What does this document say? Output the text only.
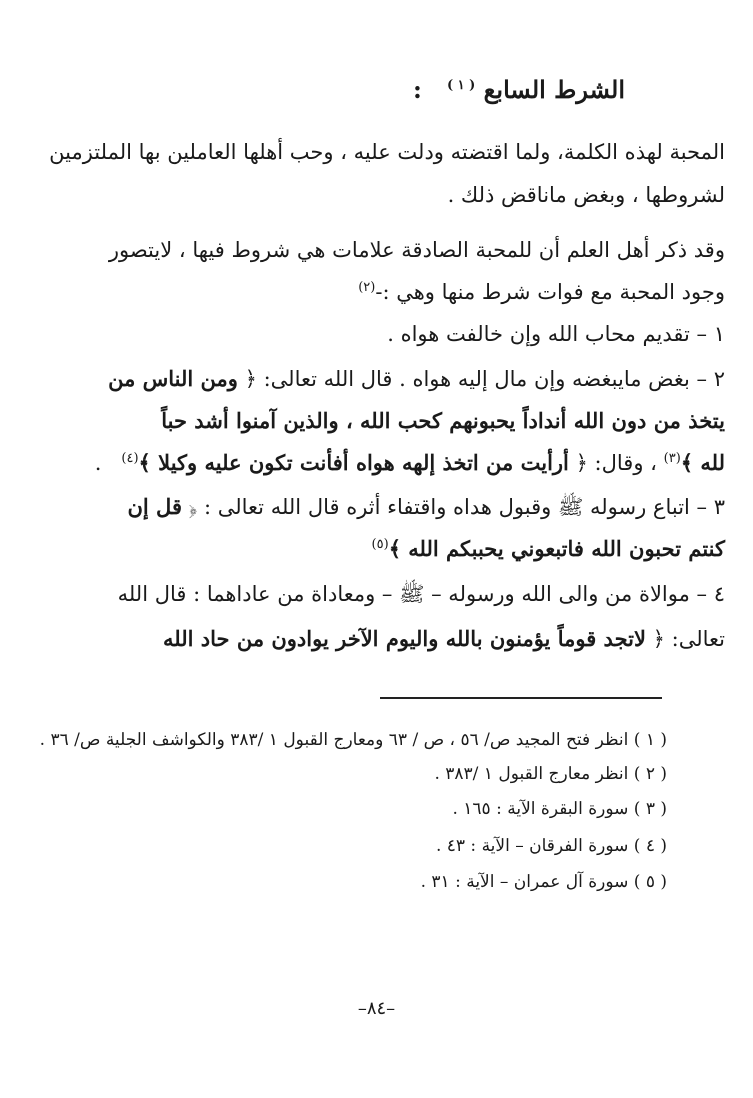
الشرط السابع $^{( ١ )}$   :
المحبة لهذه الكلمة، ولما اقتضته ودلت عليه ، وحب أهلها العاملين بها الملتزمين
لشروطها ، وبغض ماناقض ذلك .
وقد ذكر أهل العلم أن للمحبة الصادقة علامات هي شروط فيها ، لايتصور
وجود المحبة مع فوات شرط منها وهي :-$^{(٢)}$
١ – تقديم محاب الله وإن خالفت هواه .
٢ – بغض مايبغضه وإن مال إليه هواه . قال الله تعالى: ﴿ ومن الناس من
يتخذ من دون الله أنداداً يحبونهم كحب الله ، والذين آمنوا أشد حباً
لله ﴾$^{(٣)}$ ، وقال: ﴿ أرأيت من اتخذ إلهه هواه أفأنت تكون عليه وكيلا ﴾$^{(٤)}$   .
٣ – اتباع رسوله ﷺ وقبول هداه واقتفاء أثره قال الله تعالى : ﴿ قل إن
كنتم تحبون الله فاتبعوني يحببكم الله ﴾$^{(٥)}$
٤ – موالاة من والى الله ورسوله – ﷺ – ومعاداة من عاداهما : قال الله
تعالى: ﴿ لاتجد قوماً يؤمنون بالله واليوم الآخر يوادون من حاد الله
( ١ ) انظر فتح المجيد ص/ ٥٦ ، ص / ٦٣ ومعارج القبول ١ /٣٨٣ والكواشف الجلية ص/ ٣٦ .
( ٢ ) انظر معارج القبول ١ /٣٨٣ .
( ٣ ) سورة البقرة الآية : ١٦٥ .
( ٤ ) سورة الفرقان – الآية : ٤٣ .
( ٥ ) سورة آل عمران – الآية : ٣١ .
–٨٤–
